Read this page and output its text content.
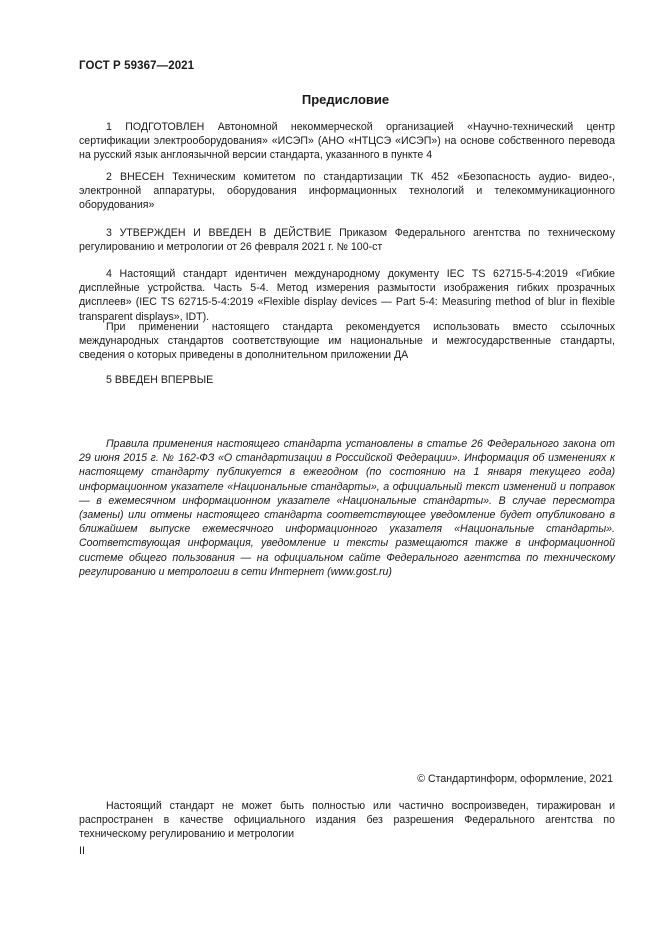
ГОСТ Р 59367—2021
Предисловие

1 ПОДГОТОВЛЕН Автономной некоммерческой организацией «Научно-технический центр сертификации электрооборудования» «ИСЭП» (АНО «НТЦСЭ «ИСЭП») на основе собственного перевода на русский язык англоязычной версии стандарта, указанного в пункте 4

2 ВНЕСЕН Техническим комитетом по стандартизации ТК 452 «Безопасность аудио- видео-, электронной аппаратуры, оборудования информационных технологий и телекоммуникационного оборудования»

3 УТВЕРЖДЕН И ВВЕДЕН В ДЕЙСТВИЕ Приказом Федерального агентства по техническому регулированию и метрологии от 26 февраля 2021 г. № 100-ст

4 Настоящий стандарт идентичен международному документу IEC TS 62715-5-4:2019 «Гибкие дисплейные устройства. Часть 5-4. Метод измерения размытости изображения гибких прозрачных дисплеев» (IEC TS 62715-5-4:2019 «Flexible display devices — Part 5-4: Measuring method of blur in flexible transparent displays», IDT).

При применении настоящего стандарта рекомендуется использовать вместо ссылочных международных стандартов соответствующие им национальные и межгосударственные стандарты, сведения о которых приведены в дополнительном приложении ДА

5 ВВЕДЕН ВПЕРВЫЕ

Правила применения настоящего стандарта установлены в статье 26 Федерального закона от 29 июня 2015 г. № 162-ФЗ «О стандартизации в Российской Федерации». Информация об изменениях к настоящему стандарту публикуется в ежегодном (по состоянию на 1 января текущего года) информационном указателе «Национальные стандарты», а официальный текст изменений и поправок — в ежемесячном информационном указателе «Национальные стандарты». В случае пересмотра (замены) или отмены настоящего стандарта соответствующее уведомление будет опубликовано в ближайшем выпуске ежемесячного информационного указателя «Национальные стандарты». Соответствующая информация, уведомление и тексты размещаются также в информационной системе общего пользования — на официальном сайте Федерального агентства по техническому регулированию и метрологии в сети Интернет (www.gost.ru)

© Стандартинформ, оформление, 2021

Настоящий стандарт не может быть полностью или частично воспроизведен, тиражирован и распространен в качестве официального издания без разрешения Федерального агентства по техническому регулированию и метрологии

II
